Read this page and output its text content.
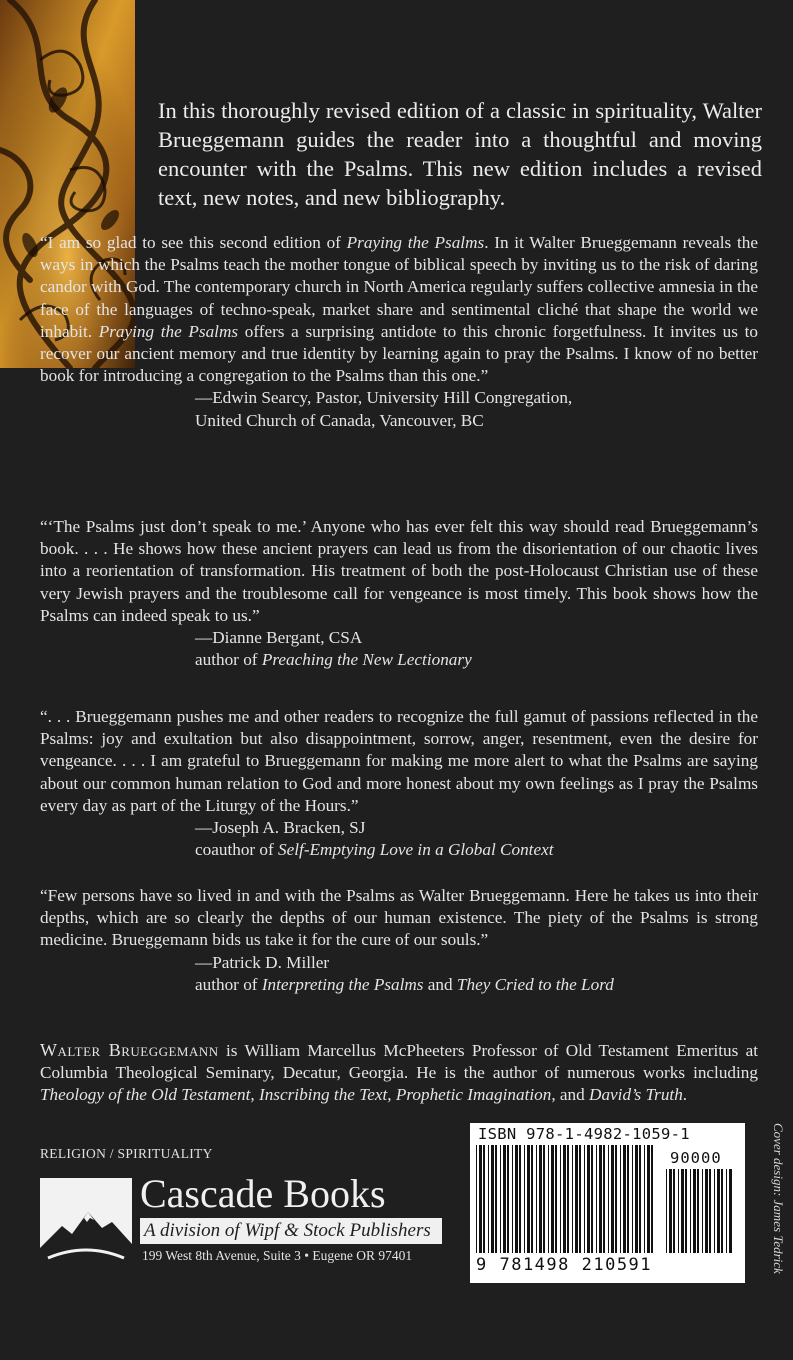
In this thoroughly revised edition of a classic in spirituality, Walter Brueggemann guides the reader into a thoughtful and moving encounter with the Psalms. This new edition includes a revised text, new notes, and new bibliography.

“I am so glad to see this second edition of Praying the Psalms. In it Walter Brueggemann reveals the ways in which the Psalms teach the mother tongue of biblical speech by inviting us to the risk of daring candor with God. The contemporary church in North America regularly suffers collective amnesia in the face of the languages of techno-speak, market share and sentimental cliché that shape the world we inhabit. Praying the Psalms offers a surprising antidote to this chronic forgetfulness. It invites us to recover our ancient memory and true identity by learning again to pray the Psalms. I know of no better book for introducing a congregation to the Psalms than this one.”

—Edwin Searcy, Pastor, University Hill Congregation,

United Church of Canada, Vancouver, BC

“‘The Psalms just don’t speak to me.’ Anyone who has ever felt this way should read Brueggemann’s book. . . . He shows how these ancient prayers can lead us from the disorientation of our chaotic lives into a reorientation of transformation. His treatment of both the post-Holocaust Christian use of these very Jewish prayers and the troublesome call for vengeance is most timely. This book shows how the Psalms can indeed speak to us.”

—Dianne Bergant, CSA

author of Preaching the New Lectionary

“. . . Brueggemann pushes me and other readers to recognize the full gamut of passions reflected in the Psalms: joy and exultation but also disappointment, sorrow, anger, resentment, even the desire for vengeance. . . . I am grateful to Brueggemann for making me more alert to what the Psalms are saying about our common human relation to God and more honest about my own feelings as I pray the Psalms every day as part of the Liturgy of the Hours.”

—Joseph A. Bracken, SJ

coauthor of Self-Emptying Love in a Global Context

“Few persons have so lived in and with the Psalms as Walter Brueggemann. Here he takes us into their depths, which are so clearly the depths of our human existence. The piety of the Psalms is strong medicine. Brueggemann bids us take it for the cure of our souls.”

—Patrick D. Miller

author of Interpreting the Psalms and They Cried to the Lord

Walter Brueggemann is William Marcellus McPheeters Professor of Old Testament Emeritus at Columbia Theological Seminary, Decatur, Georgia. He is the author of numerous works including Theology of the Old Testament, Inscribing the Text, Prophetic Imagination, and David’s Truth.

RELIGION / SPIRITUALITY
Cascade Books
A division of Wipf & Stock Publishers
199 West 8th Avenue, Suite 3 • Eugene OR 97401
ISBN 978-1-4982-1059-1
90000
9 781498 210591	Cover design: James Tedrick
